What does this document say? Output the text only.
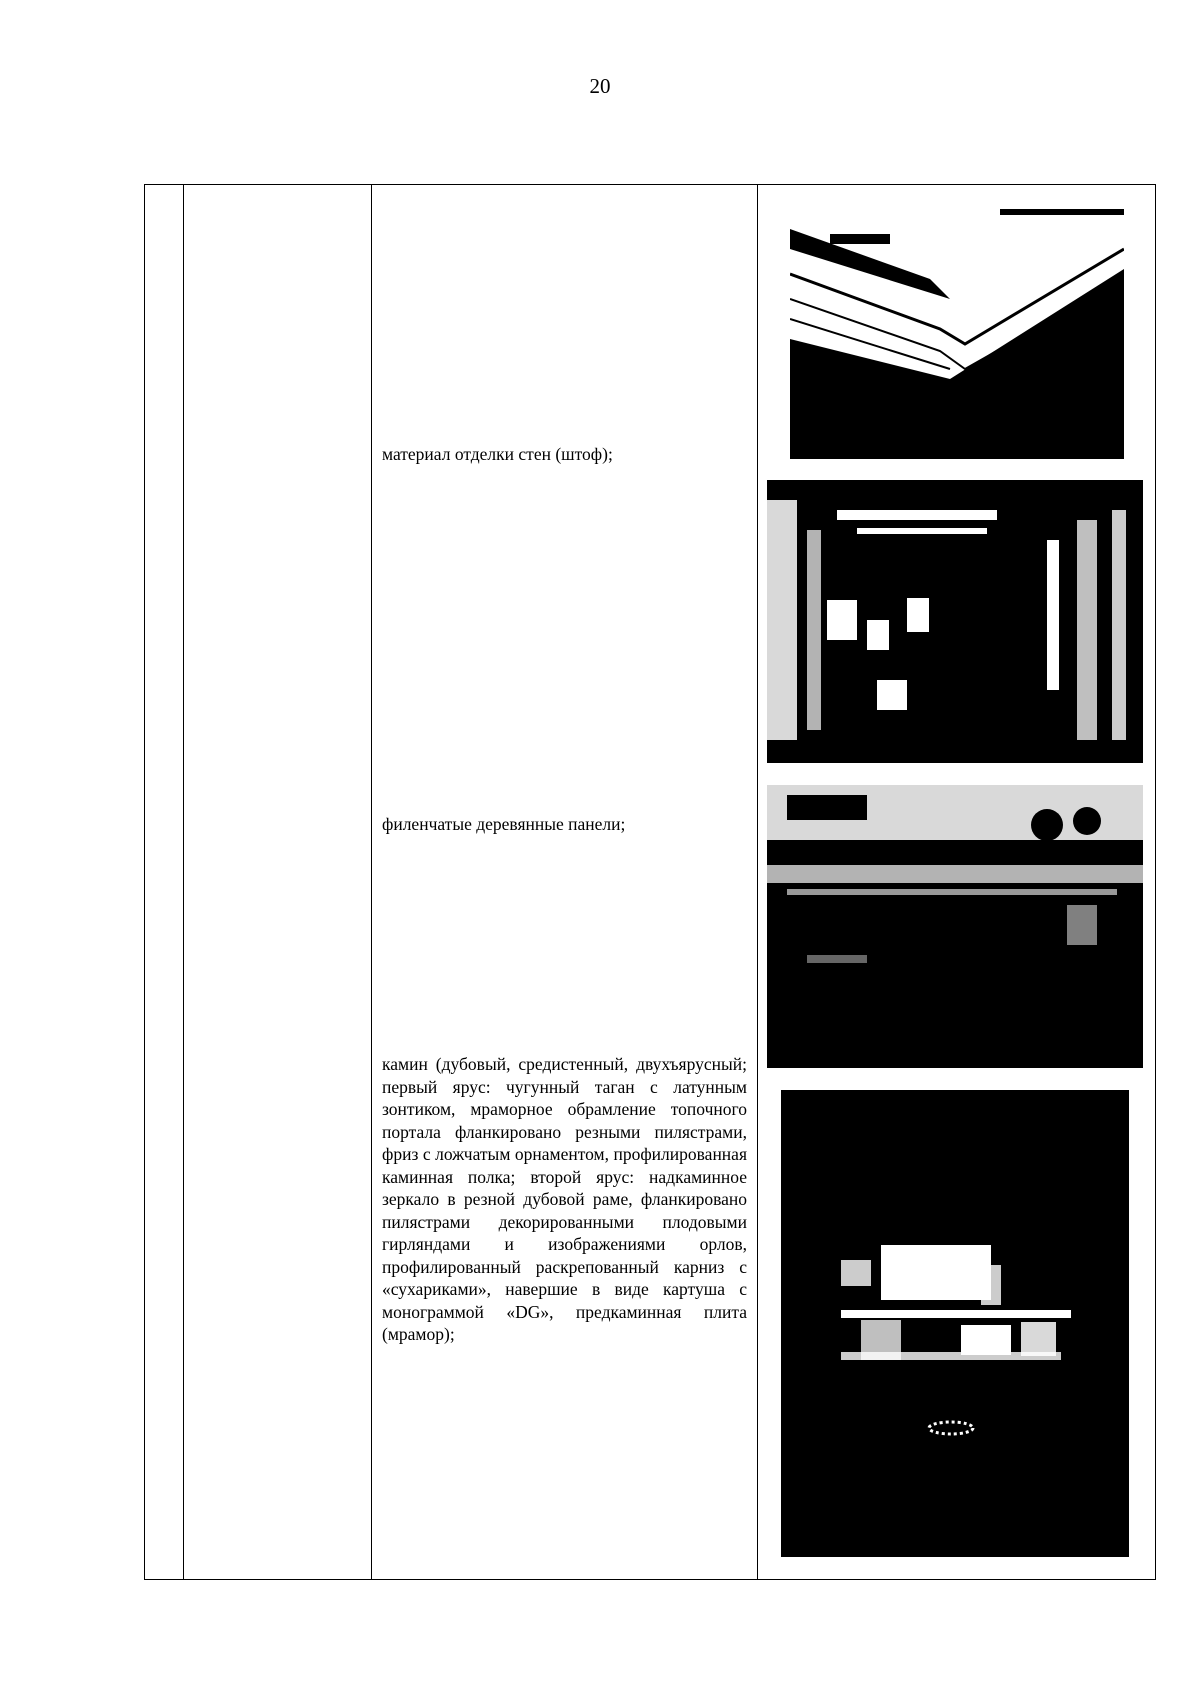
20
материал отделки стен (штоф);
филенчатые деревянные панели;
камин (дубовый, средистенный, двухъярусный; первый ярус: чугунный таган с латунным зонтиком, мраморное обрамление топочного портала фланкировано резными пилястрами, фриз с ложчатым орнаментом, профилированная каминная полка; второй ярус: надкаминное зеркало в резной дубовой раме, фланкировано пилястрами декорированными плодовыми гирляндами и изображениями орлов, профилированный раскрепованный карниз с «сухариками», навершие в виде картуша с монограммой «DG», предкаминная плита (мрамор);
